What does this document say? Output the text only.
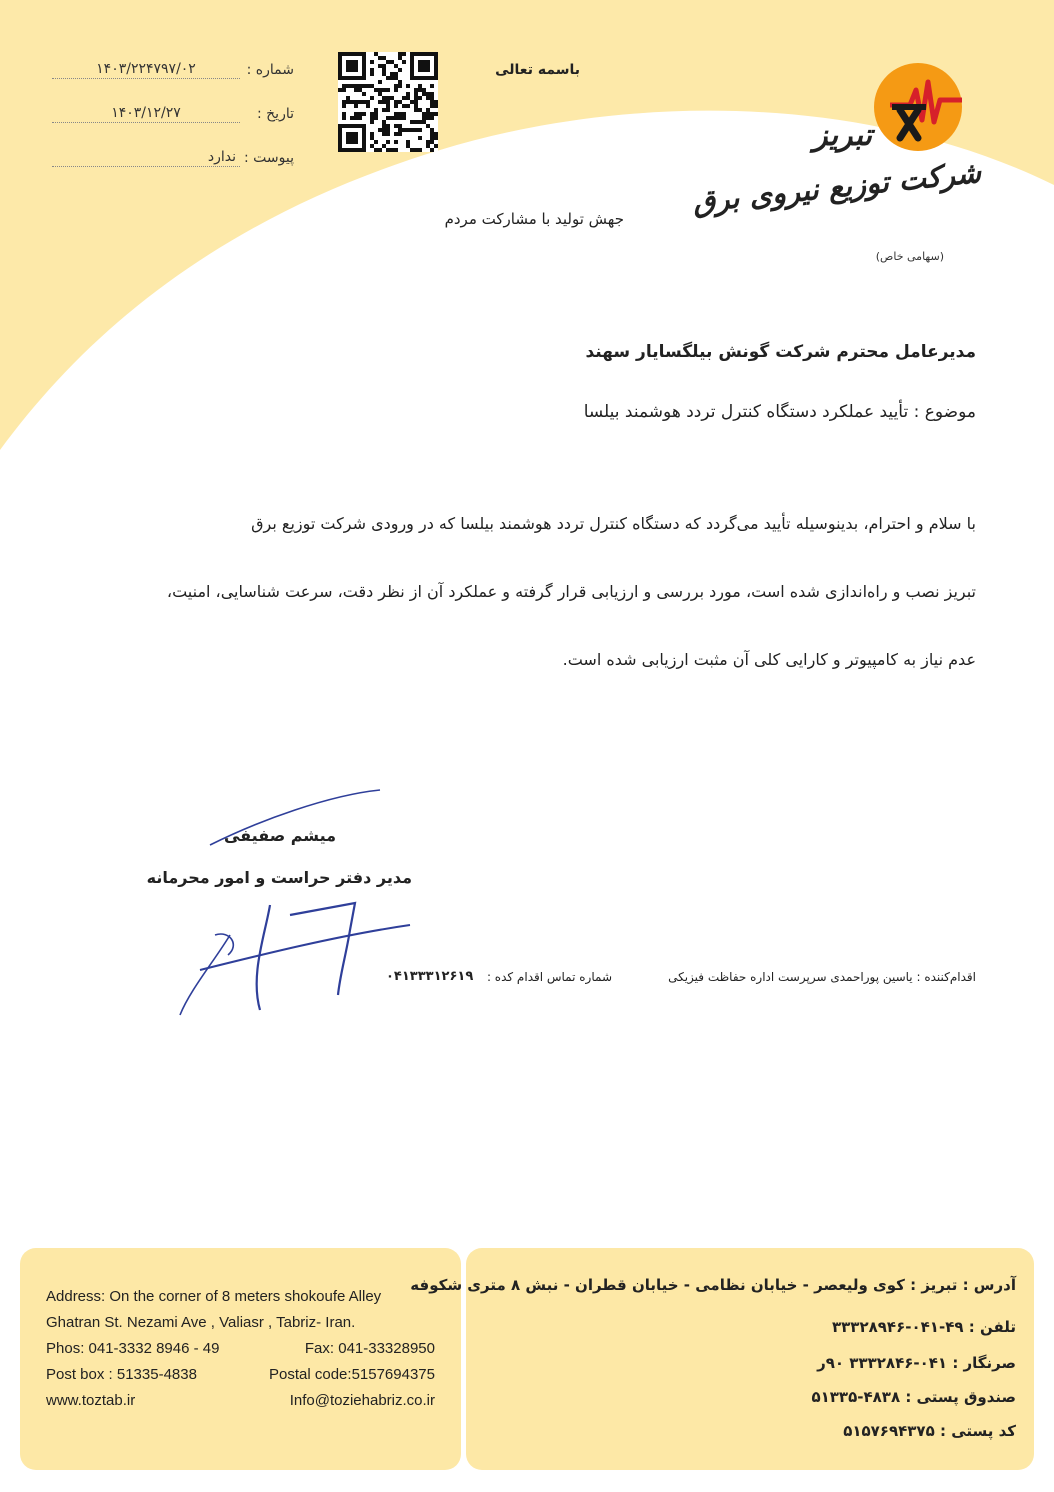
شماره :
۱۴۰۳/۲۲۴۷۹۷/۰۲
تاریخ :
۱۴۰۳/۱۲/۲۷
پیوست :
ندارد
باسمه تعالی
تبریز
شرکت توزیع نیروی برق
(سهامی خاص)
جهش تولید با مشارکت مردم
مدیرعامل محترم شرکت گونش بیلگسایار سهند
موضوع : تأیید عملکرد دستگاه کنترل تردد هوشمند بیلسا
با سلام و احترام، بدینوسیله تأیید می‌گردد که دستگاه کنترل تردد هوشمند بیلسا که در ورودی شرکت توزیع برق
تبریز نصب و راه‌اندازی شده است، مورد بررسی و ارزیابی قرار گرفته و عملکرد آن از نظر دقت، سرعت شناسایی، امنیت،
عدم نیاز به کامپیوتر و کارایی کلی آن مثبت ارزیابی شده است.
میشم صفیفی
مدیر دفتر حراست و امور محرمانه
اقدام‌کننده : یاسین پوراحمدی سرپرست اداره حفاظت فیزیکی
شماره تماس اقدام کده :
۰۴۱۳۳۳۱۲۶۱۹
Address: On the corner of 8 meters shokoufe Alley
Ghatran St. Nezami Ave , Valiasr , Tabriz- Iran.
Phos: 041-3332 8946 - 49	Fax: 041-33328950
Post box : 51335-4838	Postal code:5157694375
www.toztab.ir	Info@toziehabriz.co.ir
آدرس : تبریز : کوی ولیعصر - خیابان نظامی - خیابان قطران - نبش ۸ متری شکوفه
تلفن : ۴۹-۰۴۱-۳۳۳۲۸۹۴۶
صرنگار : ۰۴۱-۳۳۳۲۸۴۶ ۹۰ر
صندوق پستی : ۴۸۳۸-۵۱۳۳۵
کد پستی : ۵۱۵۷۶۹۴۳۷۵
